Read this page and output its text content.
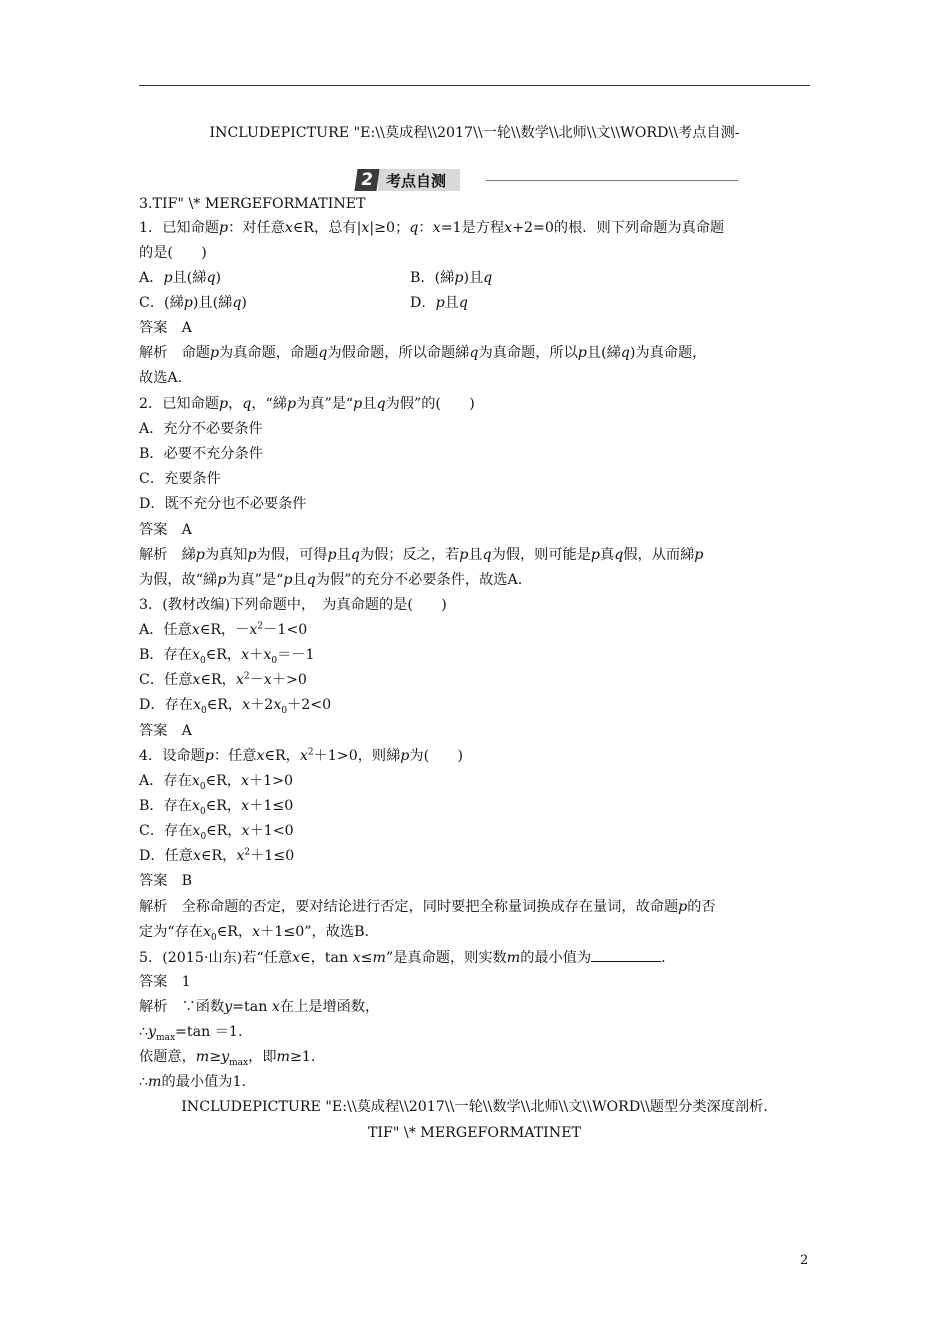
INCLUDEPICTURE "E:\\莫成程\\2017\\一轮\\数学\\北师\\文\\WORD\\考点自测-
2 考点自测
3.TIF" \* MERGEFORMATINET
1．已知命题p：对任意x∈R，总有|x|≥0；q：x=1是方程x+2=0的根．则下列命题为真命题
的是(　　)
A．p且(綈q)	B．(綈p)且q
C．(綈p)且(綈q)	D．p且q
答案　A
解析　命题p为真命题，命题q为假命题，所以命题綈q为真命题，所以p且(綈q)为真命题，
故选A.
2．已知命题p，q，“綈p为真”是“p且q为假”的(　　)
A．充分不必要条件
B．必要不充分条件
C．充要条件
D．既不充分也不必要条件
答案　A
解析　綈p为真知p为假，可得p且q为假；反之，若p且q为假，则可能是p真q假，从而綈p
为假，故“綈p为真”是“p且q为假”的充分不必要条件，故选A.
3．(教材改编)下列命题中，　为真命题的是(　　)
A．任意x∈R，$-x^2-1<0$
B．存在$x_0\in R$，$x+x_0=-1$
C．任意x∈R，$x^2-x+>0$
D．存在$x_0\in R$，$x+2x_0+2<0$
答案　A
4．设命题p：任意x∈R，$x^2+1>0$，则綈p为(　　)
A．存在$x_0\in R$，x＋1>0
B．存在$x_0\in R$，x＋1≤0
C．存在$x_0\in R$，x＋1<0
D．任意x∈R，$x^2+1\le 0$
答案　B
解析　全称命题的否定，要对结论进行否定，同时要把全称量词换成存在量词，故命题p的否
定为“存在$x_0\in R$，x＋1≤0”，故选B.
5．(2015·山东)若“任意x∈，tan x≤m”是真命题，则实数m的最小值为	.
答案　1
解析　∵函数y=tan x在上是增函数，
$\therefore y_{max}=\tan =1$.
依题意，$m\ge y_{max}$，即m≥1.
∴m的最小值为1.
INCLUDEPICTURE "E:\\莫成程\\2017\\一轮\\数学\\北师\\文\\WORD\\题型分类深度剖析.
TIF" \* MERGEFORMATINET
2
